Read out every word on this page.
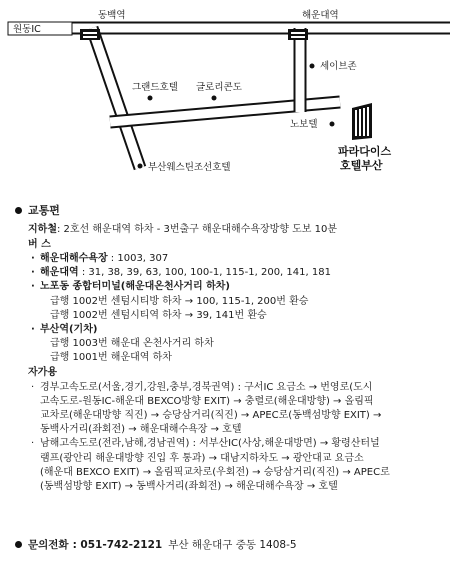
원동IC
동백역	해운대역
세이브존
그랜드호텔 글로리콘도
노보텔
부산웨스틴조선호텔
파라다이스
호텔부산
교통편
지하철 : 2호선 해운대역 하차 - 3번출구 해운대해수욕장방향 도보 10분
버 스
· 해운대해수욕장 : 1003, 307
· 해운대역 : 31, 38, 39, 63, 100, 100-1, 115-1, 200, 141, 181
· 노포동 종합터미널(해운대온천사거리 하차)
급행 1002번 센텀시티방 하차 → 100, 115-1, 200번 환승
급행 1002번 센텀시티역 하차 → 39, 141번 환승
· 부산역(기차)
급행 1003번 해운대 온천사거리 하차
급행 1001번 해운대역 하차
자가용
· 경부고속도로(서울,경기,강원,충부,경북권역) : 구서IC 요금소 → 번영로(도시
고속도로-원동IC-해운대 BEXCO방향 EXIT) → 충렬로(해운대방향) → 올림픽
교차로(해운대방향 직진) → 승당삼거리(직진) → APEC로(동백섬방향 EXIT) →
동백사거리(좌회전) → 해운대해수욕장 → 호텔
· 남해고속도로(전라,남해,경남권역) : 서부산IC(사상,해운대방면) → 황령산터널
램프(광안리 해운대방향 진입 후 통과) → 대남지하차도 → 광안대교 요금소
(해운대 BEXCO EXIT) → 올림픽교차로(우회전) → 승당삼거리(직진) → APEC로
(동백섬방향 EXIT) → 동백사거리(좌회전) → 해운대해수욕장 → 호텔
문의전화 : 051-742-2121 부산 해운대구 중동 1408-5
